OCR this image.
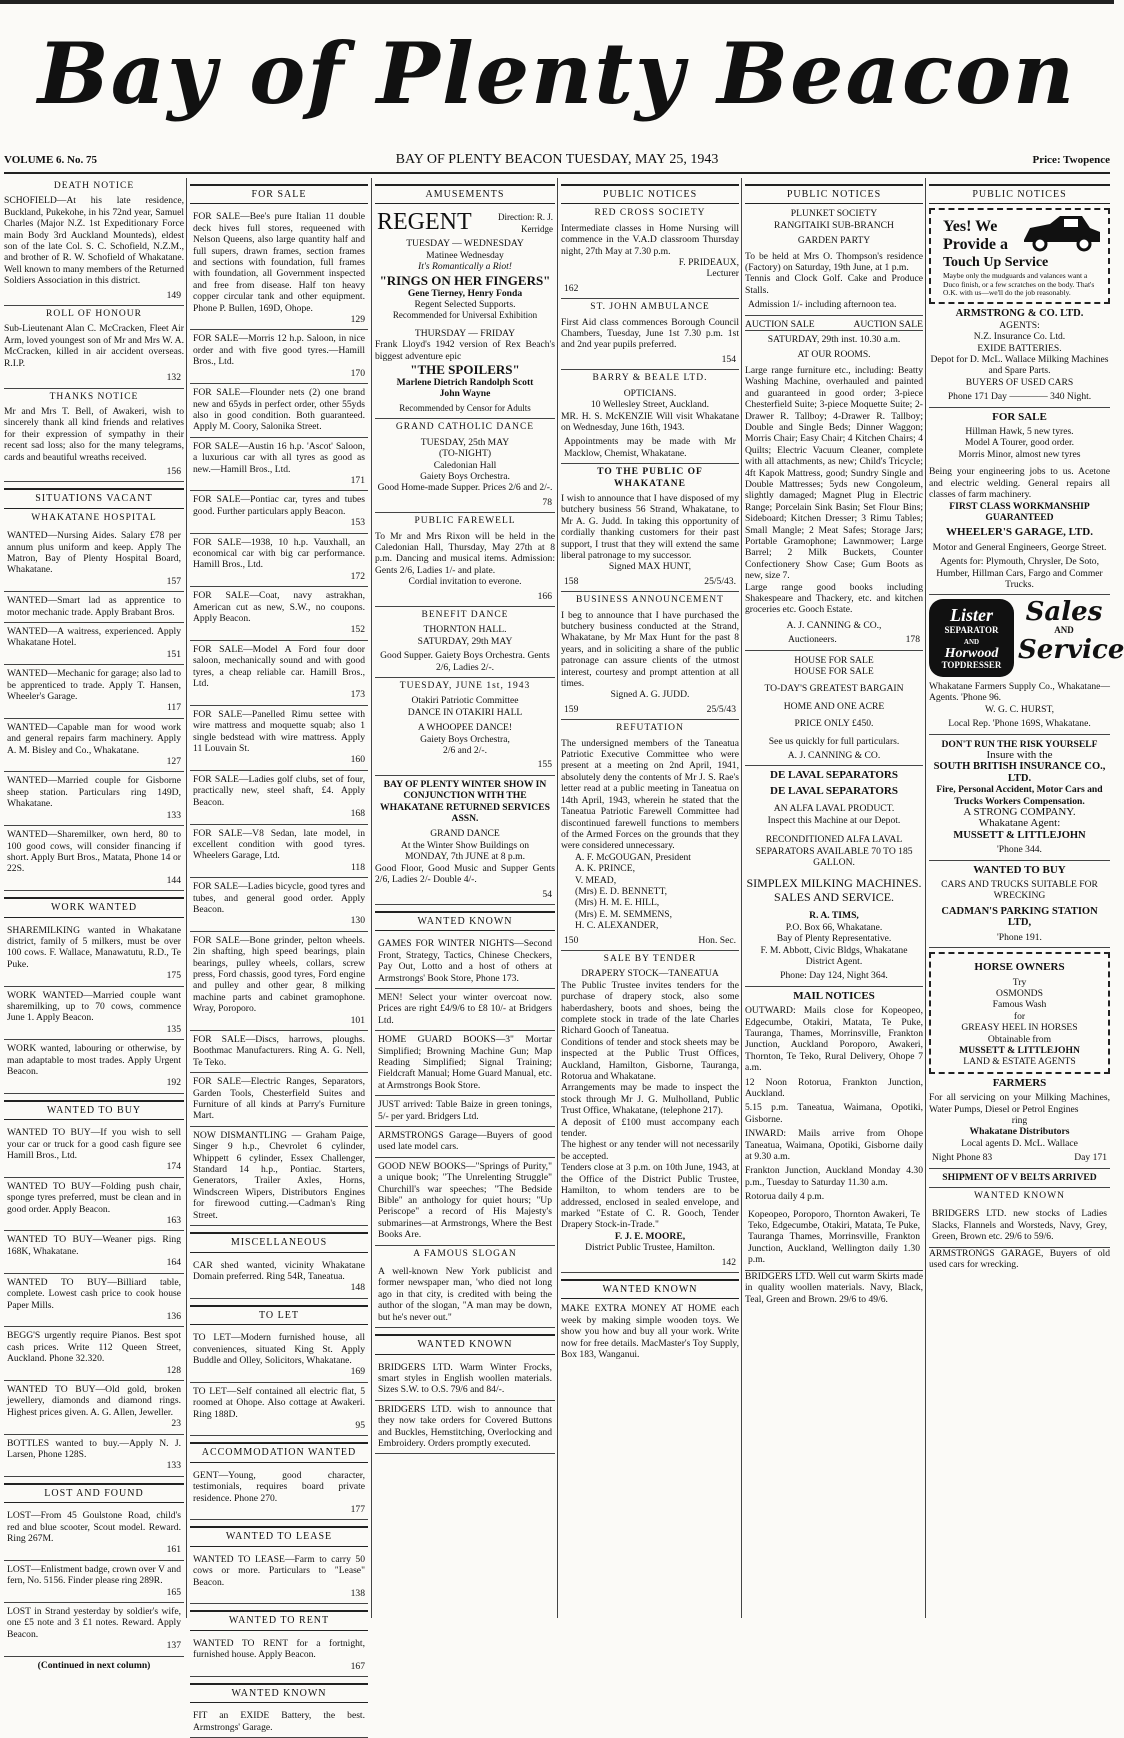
Bay of Plenty Beacon
VOLUME 6. No. 75	BAY OF PLENTY BEACON TUESDAY, MAY 25, 1943	Price: Twopence
DEATH NOTICE

SCHOFIELD—At his late residence, Buckland, Pukekohe, in his 72nd year, Samuel Charles (Major N.Z. 1st Expeditionary Force main Body 3rd Auckland Mounteds), eldest son of the late Col. S. C. Schofield, N.Z.M., and brother of R. W. Schofield of Whakatane. Well known to many members of the Returned Soldiers Association in this district.

149
ROLL OF HONOUR

Sub-Lieutenant Alan C. McCracken, Fleet Air Arm, loved youngest son of Mr and Mrs W. A. McCracken, killed in air accident overseas. R.I.P.

132
THANKS NOTICE

Mr and Mrs T. Bell, of Awakeri, wish to sincerely thank all kind friends and relatives for their expression of sympathy in their recent sad loss; also for the many telegrams, cards and beautiful wreaths received.

156
SITUATIONS VACANT
WHAKATANE HOSPITAL

WANTED—Nursing Aides. Salary £78 per annum plus uniform and keep. Apply The Matron, Bay of Plenty Hospital Board, Whakatane.

157

WANTED—Smart lad as apprentice to motor mechanic trade. Apply Brabant Bros.

WANTED—A waitress, experienced. Apply Whakatane Hotel.

151

WANTED—Mechanic for garage; also lad to be apprenticed to trade. Apply T. Hansen, Wheeler's Garage.

117

WANTED—Capable man for wood work and general repairs farm machinery. Apply A. M. Bisley and Co., Whakatane.

127

WANTED—Married couple for Gisborne sheep station. Particulars ring 149D, Whakatane.

133

WANTED—Sharemilker, own herd, 80 to 100 good cows, will consider financing if short. Apply Burt Bros., Matata, Phone 14 or 22S.

144
WORK WANTED

SHAREMILKING wanted in Whakatane district, family of 5 milkers, must be over 100 cows. F. Wallace, Manawatutu, R.D., Te Puke.

175

WORK WANTED—Married couple want sharemilking, up to 70 cows, commence June 1. Apply Beacon.

135

WORK wanted, labouring or otherwise, by man adaptable to most trades. Apply Urgent Beacon.

192
WANTED TO BUY

WANTED TO BUY—If you wish to sell your car or truck for a good cash figure see Hamill Bros., Ltd.

174

WANTED TO BUY—Folding push chair, sponge tyres preferred, must be clean and in good order. Apply Beacon.

163

WANTED TO BUY—Weaner pigs. Ring 168K, Whakatane.

164

WANTED TO BUY—Billiard table, complete. Lowest cash price to cook house Paper Mills.

136

BEGG'S urgently require Pianos. Best spot cash prices. Write 112 Queen Street, Auckland. Phone 32.320.

128

WANTED TO BUY—Old gold, broken jewellery, diamonds and diamond rings. Highest prices given. A. G. Allen, Jeweller.

23

BOTTLES wanted to buy.—Apply N. J. Larsen, Phone 128S.

133
LOST AND FOUND

LOST—From 45 Goulstone Road, child's red and blue scooter, Scout model. Reward. Ring 267M.

161

LOST—Enlistment badge, crown over V and fern, No. 5156. Finder please ring 289R.

165

LOST in Strand yesterday by soldier's wife, one £5 note and 3 £1 notes. Reward. Apply Beacon.

137
(Continued in next column)
FOR SALE

FOR SALE—Bee's pure Italian 11 double deck hives full stores, requeened with Nelson Queens, also large quantity half and full supers, drawn frames, section frames and sections with foundation, full frames with foundation, all Government inspected and free from disease. Half ton heavy copper circular tank and other equipment. Phone P. Bullen, 169D, Ohope.

129

FOR SALE—Morris 12 h.p. Saloon, in nice order and with five good tyres.—Hamill Bros., Ltd.

170

FOR SALE—Flounder nets (2) one brand new and 65yds in perfect order, other 55yds also in good condition. Both guaranteed. Apply M. Coory, Salonika Street.

FOR SALE—Austin 16 h.p. 'Ascot' Saloon, a luxurious car with all tyres as good as new.—Hamill Bros., Ltd.

171

FOR SALE—Pontiac car, tyres and tubes good. Further particulars apply Beacon.

153

FOR SALE—1938, 10 h.p. Vauxhall, an economical car with big car performance. Hamill Bros., Ltd.

172

FOR SALE—Coat, navy astrakhan, American cut as new, S.W., no coupons. Apply Beacon.

152

FOR SALE—Model A Ford four door saloon, mechanically sound and with good tyres, a cheap reliable car. Hamill Bros., Ltd.

173

FOR SALE—Panelled Rimu settee with wire mattress and moquette squab; also 1 single bedstead with wire mattress. Apply 11 Louvain St.

160

FOR SALE—Ladies golf clubs, set of four, practically new, steel shaft, £4. Apply Beacon.

168

FOR SALE—V8 Sedan, late model, in excellent condition with good tyres. Wheelers Garage, Ltd.

118

FOR SALE—Ladies bicycle, good tyres and tubes, and general good order. Apply Beacon.

130

FOR SALE—Bone grinder, pelton wheels. 2in shafting, high speed bearings, plain bearings, pulley wheels, collars, screw press, Ford chassis, good tyres, Ford engine and pulley and other gear, 8 milking machine parts and cabinet gramophone. Wray, Poroporo.

101

FOR SALE—Discs, harrows, ploughs. Boothmac Manufacturers. Ring A. G. Nell, Te Teko.

FOR SALE—Electric Ranges, Separators, Garden Tools, Chesterfield Suites and Furniture of all kinds at Parry's Furniture Mart.

NOW DISMANTLING — Graham Paige, Singer 9 h.p., Chevrolet 6 cylinder, Whippett 6 cylinder, Essex Challenger, Standard 14 h.p., Pontiac. Starters, Generators, Trailer Axles, Horns, Windscreen Wipers, Distributors Engines for firewood cutting.—Cadman's Ring Street.

MISCELLANEOUS

CAR shed wanted, vicinity Whakatane Domain preferred. Ring 54R, Taneatua.

148
TO LET

TO LET—Modern furnished house, all conveniences, situated King St. Apply Buddle and Olley, Solicitors, Whakatane.

169

TO LET—Self contained all electric flat, 5 roomed at Ohope. Also cottage at Awakeri. Ring 188D.

95
ACCOMMODATION WANTED

GENT—Young, good character, testimonials, requires board private residence. Phone 270.

177
WANTED TO LEASE

WANTED TO LEASE—Farm to carry 50 cows or more. Particulars to "Lease" Beacon.

138
WANTED TO RENT

WANTED TO RENT for a fortnight, furnished house. Apply Beacon.

167
WANTED KNOWN

FIT an EXIDE Battery, the best. Armstrongs' Garage.

AMUSEMENTS
REGENT	Direction: R. J. Kerridge
TUESDAY — WEDNESDAY
Matinee Wednesday
It's Romantically a Riot!
"RINGS ON HER FINGERS"
Gene Tierney, Henry Fonda
Regent Selected Supports.
Recommended for Universal Exhibition
THURSDAY — FRIDAY

Frank Lloyd's 1942 version of Rex Beach's biggest adventure epic

"THE SPOILERS"
Marlene Dietrich Randolph Scott
John Wayne
Recommended by Censor for Adults
GRAND CATHOLIC DANCE
TUESDAY, 25th MAY
(TO-NIGHT)
Caledonian Hall
Gaiety Boys Orchestra.
Good Home-made Supper. Prices 2/6 and 2/-.
78
PUBLIC FAREWELL

To Mr and Mrs Rixon will be held in the Caledonian Hall, Thursday, May 27th at 8 p.m. Dancing and musical items. Admission: Gents 2/6, Ladies 1/- and plate.

Cordial invitation to everone.
166
BENEFIT DANCE
THORNTON HALL.
SATURDAY, 29th MAY
Good Supper. Gaiety Boys Orchestra. Gents 2/6, Ladies 2/-.
TUESDAY, JUNE 1st, 1943
Otakiri Patriotic Committee
DANCE IN OTAKIRI HALL
A WHOOPEE DANCE!
Gaiety Boys Orchestra,
2/6 and 2/-.
155
BAY OF PLENTY WINTER SHOW IN CONJUNCTION WITH THE WHAKATANE RETURNED SERVICES ASSN.
GRAND DANCE
At the Winter Show Buildings on
MONDAY, 7th JUNE at 8 p.m.

Good Floor, Good Music and Supper Gents 2/6, Ladies 2/- Double 4/-.

54
WANTED KNOWN

GAMES FOR WINTER NIGHTS—Second Front, Strategy, Tactics, Chinese Checkers, Pay Out, Lotto and a host of others at Armstrongs' Book Store, Phone 173.

MEN! Select your winter overcoat now. Prices are right £4/9/6 to £8 10/- at Bridgers Ltd.

HOME GUARD BOOKS—3" Mortar Simplified; Browning Machine Gun; Map Reading Simplified; Signal Training; Fieldcraft Manual; Home Guard Manual, etc. at Armstrongs Book Store.

JUST arrived: Table Baize in green tonings, 5/- per yard. Bridgers Ltd.

ARMSTRONGS Garage—Buyers of good used late model cars.

GOOD NEW BOOKS—"Springs of Purity," a unique book; "The Unrelenting Struggle" Churchill's war speeches; "The Bedside Bible" an anthology for quiet hours; "Up Periscope" a record of His Majesty's submarines—at Armstrongs, Where the Best Books Are.

A FAMOUS SLOGAN

A well-known New York publicist and former newspaper man, 'who died not long ago in that city, is credited with being the author of the slogan, "A man may be down, but he's never out."

WANTED KNOWN

BRIDGERS LTD. Warm Winter Frocks, smart styles in English woollen materials. Sizes S.W. to O.S. 79/6 and 84/-.

BRIDGERS LTD. wish to announce that they now take orders for Covered Buttons and Buckles, Hemstitching, Overlocking and Embroidery. Orders promptly executed.

PUBLIC NOTICES
RED CROSS SOCIETY

Intermediate classes in Home Nursing will commence in the V.A.D classroom Thursday night, 27th May at 7.30 p.m.

F. PRIDEAUX,
Lecturer
162
ST. JOHN AMBULANCE

First Aid class commences Borough Council Chambers, Tuesday, June 1st 7.30 p.m. 1st and 2nd year pupils preferred.

154
BARRY & BEALE LTD.
OPTICIANS.
10 Wellesley Street, Auckland.

MR. H. S. McKENZIE Will visit Whakatane on Wednesday, June 16th, 1943.

Appointments may be made with Mr Macklow, Chemist, Whakatane.

TO THE PUBLIC OF WHAKATANE

I wish to announce that I have disposed of my butchery business 56 Strand, Whakatane, to Mr A. G. Judd. In taking this opportunity of cordially thanking customers for their past support, I trust that they will extend the same liberal patronage to my successor.

Signed MAX HUNT,
158	25/5/43.
BUSINESS ANNOUNCEMENT

I beg to announce that I have purchased the butchery business conducted at the Strand, Whakatane, by Mr Max Hunt for the past 8 years, and in soliciting a share of the public patronage can assure clients of the utmost interest, courtesy and prompt attention at all times.

Signed A. G. JUDD.
159	25/5/43
REFUTATION

The undersigned members of the Taneatua Patriotic Executive Committee who were present at a meeting on 2nd April, 1941, absolutely deny the contents of Mr J. S. Rae's letter read at a public meeting in Taneatua on 14th April, 1943, wherein he stated that the Taneatua Patriotic Farewell Committee had discontinued farewell functions to members of the Armed Forces on the grounds that they were considered unnecessary.

A. F. McGOUGAN, President
A. K. PRINCE,
V. MEAD,
(Mrs) E. D. BENNETT,
(Mrs) H. M. E. HILL,
(Mrs) E. M. SEMMENS,
H. C. ALEXANDER,
150	Hon. Sec.
SALE BY TENDER
DRAPERY STOCK—TANEATUA

The Public Trustee invites tenders for the purchase of drapery stock, also some haberdashery, boots and shoes, being the complete stock in trade of the late Charles Richard Gooch of Taneatua.

Conditions of tender and stock sheets may be inspected at the Public Trust Offices, Auckland, Hamilton, Gisborne, Tauranga, Rotorua and Whakatane.

Arrangements may be made to inspect the stock through Mr J. G. Mulholland, Public Trust Office, Whakatane, (telephone 217).

A deposit of £100 must accompany each tender.

The highest or any tender will not necessarily be accepted.

Tenders close at 3 p.m. on 10th June, 1943, at the Office of the District Public Trustee, Hamilton, to whom tenders are to be addressed, enclosed in sealed envelope, and marked "Estate of C. R. Gooch, Tender Drapery Stock-in-Trade."

F. J. E. MOORE,
District Public Trustee, Hamilton.
142
WANTED KNOWN

MAKE EXTRA MONEY AT HOME each week by making simple wooden toys. We show you how and buy all your work. Write now for free details. MacMaster's Toy Supply, Box 183, Wanganui.

PUBLIC NOTICES
PLUNKET SOCIETY
RANGITAIKI SUB-BRANCH
GARDEN PARTY

To be held at Mrs O. Thompson's residence (Factory) on Saturday, 19th June, at 1 p.m.

Tennis and Clock Golf. Cake and Produce Stalls.

Admission 1/- including afternoon tea.

AUCTION SALE	AUCTION SALE
SATURDAY, 29th inst. 10.30 a.m.
AT OUR ROOMS.

Large range furniture etc., including: Beatty Washing Machine, overhauled and painted and guaranteed in good order; 3-piece Chesterfield Suite; 3-piece Moquette Suite; 2-Drawer R. Tallboy; 4-Drawer R. Tallboy; Double and Single Beds; Dinner Waggon; Morris Chair; Easy Chair; 4 Kitchen Chairs; 4 Quilts; Electric Vacuum Cleaner, complete with all attachments, as new; Child's Tricycle; 4ft Kapok Mattress, good; Sundry Single and Double Mattresses; 5yds new Congoleum, slightly damaged; Magnet Plug in Electric Range; Porcelain Sink Basin; Set Flour Bins; Sideboard; Kitchen Dresser; 3 Rimu Tables; Small Mangle; 2 Meat Safes; Storage Jars; Portable Gramophone; Lawnmower; Large Barrel; 2 Milk Buckets, Counter Confectionery Show Case; Gum Boots as new, size 7.

Large range good books including Shakespeare and Thackery, etc. and kitchen groceries etc. Gooch Estate.

A. J. CANNING & CO.,
Auctioneers.	178
HOUSE FOR SALE
HOUSE FOR SALE
TO-DAY'S GREATEST BARGAIN
HOME AND ONE ACRE
PRICE ONLY £450.
See us quickly for full particulars.
A. J. CANNING & CO.
DE LAVAL SEPARATORS
DE LAVAL SEPARATORS
AN ALFA LAVAL PRODUCT.
Inspect this Machine at our Depot.
RECONDITIONED ALFA LAVAL SEPARATORS AVAILABLE 70 TO 185 GALLON.
SIMPLEX MILKING MACHINES.
SALES AND SERVICE.
R. A. TIMS,
P.O. Box 66, Whakatane.
Bay of Plenty Representative.
F. M. Abbott, Civic Bldgs, Whakatane District Agent.
Phone: Day 124, Night 364.
MAIL NOTICES

OUTWARD: Mails close for Kopeopeo, Edgecumbe, Otakiri, Matata, Te Puke, Tauranga, Thames, Morrinsville, Frankton Junction, Auckland Poroporo, Awakeri, Thornton, Te Teko, Rural Delivery, Ohope 7 a.m.

12 Noon Rotorua, Frankton Junction, Auckland.

5.15 p.m. Taneatua, Waimana, Opotiki, Gisborne.

INWARD: Mails arrive from Ohope Taneatua, Waimana, Opotiki, Gisborne daily at 9.30 a.m.

Frankton Junction, Auckland Monday 4.30 p.m., Tuesday to Saturday 11.30 a.m.

Rotorua daily 4 p.m.

Kopeopeo, Poroporo, Thornton Awakeri, Te Teko, Edgecumbe, Otakiri, Matata, Te Puke, Tauranga Thames, Morrinsville, Frankton Junction, Auckland, Wellington daily 1.30 p.m.

BRIDGERS LTD. Well cut warm Skirts made in quality woollen materials. Navy, Black, Teal, Green and Brown. 29/6 to 49/6.

PUBLIC NOTICES
Yes! We
Provide a
Touch Up Service
Maybe only the mudguards and valances want a Duco finish, or a few scratches on the body. That's O.K. with us—we'll do the job reasonably.
ARMSTRONG & CO. LTD.
AGENTS:
N.Z. Insurance Co. Ltd.
EXIDE BATTERIES.
Depot for D. McL. Wallace Milking Machines and Spare Parts.
BUYERS OF USED CARS
Phone 171 Day ———— 340 Night.
FOR SALE
Hillman Hawk, 5 new tyres.
Model A Tourer, good order.
Morris Minor, almost new tyres

Being your engineering jobs to us. Acetone and electric welding. General repairs all classes of farm machinery.

FIRST CLASS WORKMANSHIP GUARANTEED
WHEELER'S GARAGE, LTD.
Motor and General Engineers, George Street.
Agents for: Plymouth, Chrysler, De Soto, Humber, Hillman Cars, Fargo and Commer Trucks.
Lister
SEPARATOR
AND
Horwood
TOPDRESSER
Sales
AND
Service

Whakatane Farmers Supply Co., Whakatane—Agents. 'Phone 96.

W. G. C. HURST,
Local Rep. 'Phone 169S, Whakatane.
DON'T RUN THE RISK YOURSELF
Insure with the
SOUTH BRITISH INSURANCE CO., LTD.
Fire, Personal Accident, Motor Cars and Trucks Workers Compensation.
A STRONG COMPANY.
Whakatane Agent:
MUSSETT & LITTLEJOHN
'Phone 344.
WANTED TO BUY
CARS AND TRUCKS SUITABLE FOR WRECKING
CADMAN'S PARKING STATION LTD,
'Phone 191.
HORSE OWNERS
Try
OSMONDS
Famous Wash
for
GREASY HEEL IN HORSES
Obtainable from
MUSSETT & LITTLEJOHN
LAND & ESTATE AGENTS
FARMERS

For all servicing on your Milking Machines, Water Pumps, Diesel or Petrol Engines

ring
Whakatane Distributors
Local agents D. McL. Wallace
Night Phone 83	Day 171
SHIPMENT OF V BELTS ARRIVED
WANTED KNOWN

BRIDGERS LTD. new stocks of Ladies Slacks, Flannels and Worsteds, Navy, Grey, Green, Brown etc. 29/6 to 59/6.

ARMSTRONGS GARAGE, Buyers of old used cars for wrecking.
